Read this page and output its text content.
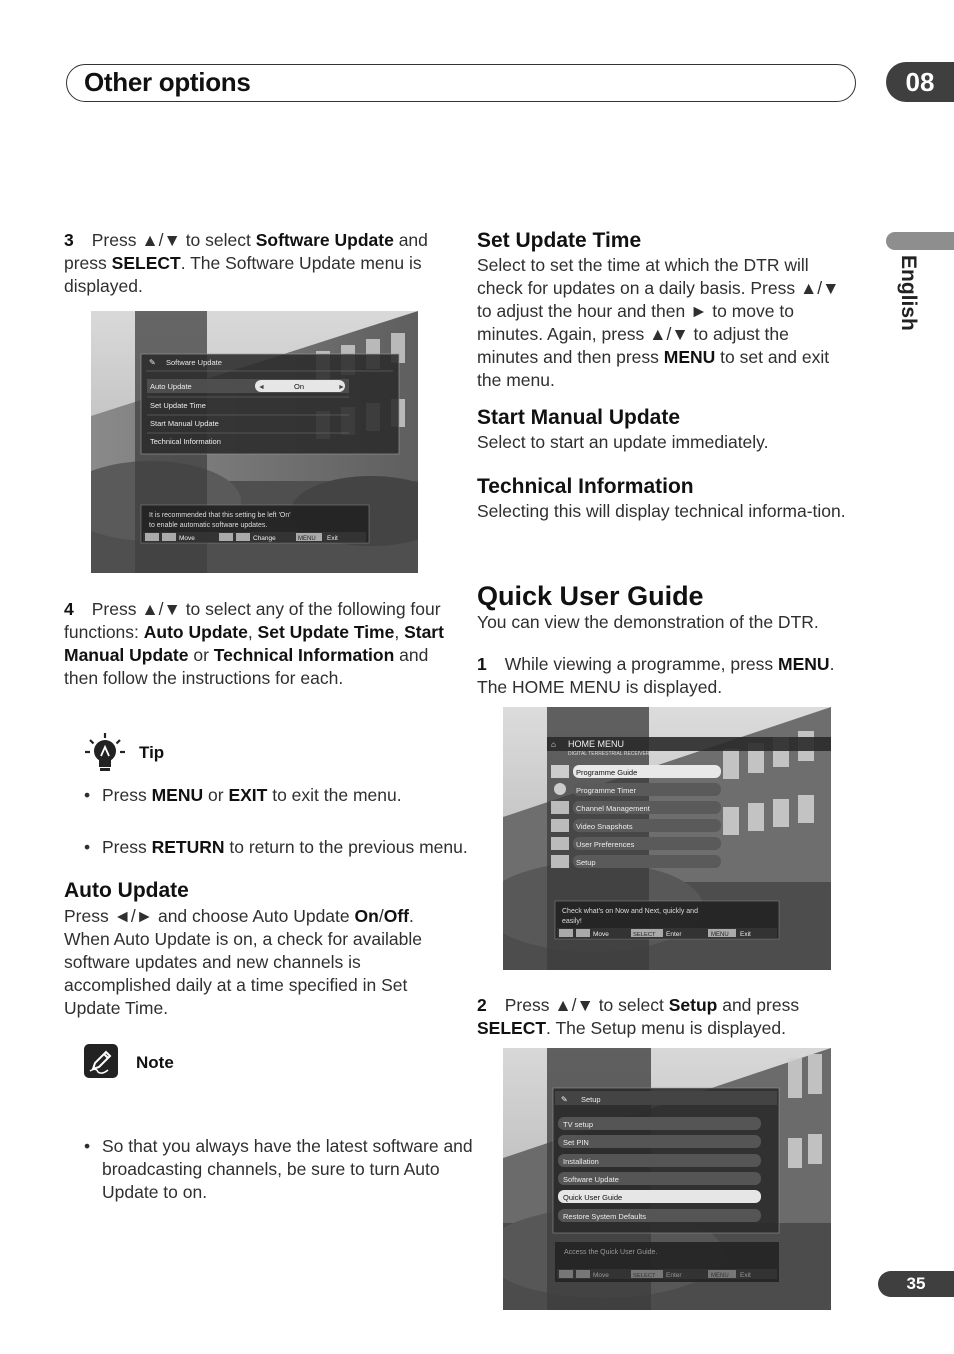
Other options	08
English
3 Press ▲/▼ to select Software Update and press SELECT. The Software Update menu is displayed.
Software Update
✎
Auto Update	On
◄	►
Set Update Time
Start Manual Update
Technical Information
It is recommended that this setting be left 'On'
to enable automatic software updates.
Move	Change	MENU Exit
4 Press ▲/▼ to select any of the following four functions: Auto Update, Set Update Time, Start Manual Update or Technical Information and then follow the instructions for each.
Tip
• Press MENU or EXIT to exit the menu.
• Press RETURN to return to the previous menu.
Auto Update
Press ◄/► and choose Auto Update On/Off. When Auto Update is on, a check for available software updates and new channels is accomplished daily at a time specified in Set Update Time.
Note
• So that you always have the latest software and broadcasting channels, be sure to turn Auto Update to on.
Set Update Time
Select to set the time at which the DTR will check for updates on a daily basis. Press ▲/▼ to adjust the hour and then ► to move to minutes. Again, press ▲/▼ to adjust the minutes and then press MENU to set and exit the menu.
Start Manual Update
Select to start an update immediately.
Technical Information
Selecting this will display technical informa-tion.
Quick User Guide
You can view the demonstration of the DTR.
1 While viewing a programme, press MENU. The HOME MENU is displayed.
⌂ HOME MENU
DIGITAL TERRESTRIAL RECEIVER
Programme Guide
Programme Timer
Channel Management
Video Snapshots
User Preferences
Setup
Check what's on Now and Next, quickly and
easily!
Move	SELECT Enter	MENU Exit
2 Press ▲/▼ to select Setup and press SELECT. The Setup menu is displayed.
✎ Setup
TV setup
Set PIN
Installation
Software Update
Quick User Guide
Restore System Defaults
Access the Quick User Guide.
Move	SELECT Enter	MENU Exit	35
